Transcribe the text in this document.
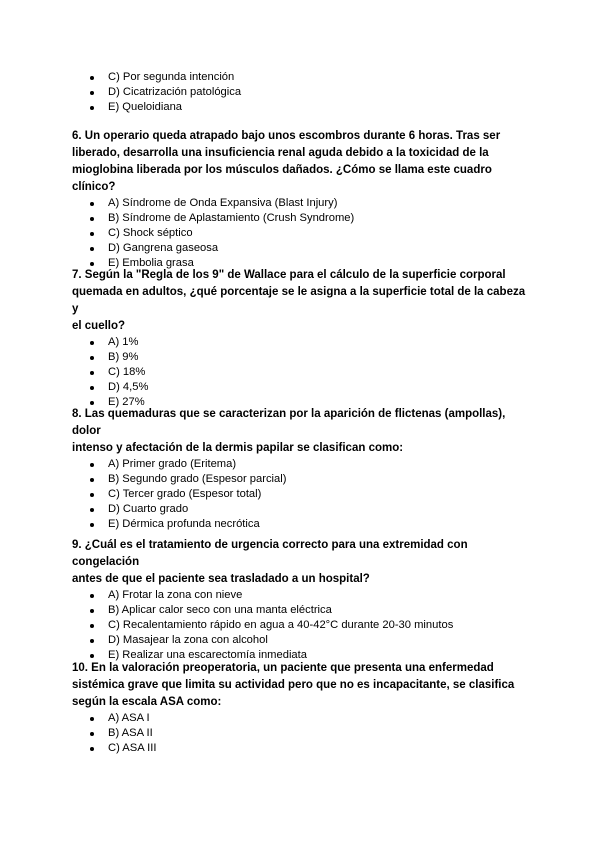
C) Por segunda intención
D) Cicatrización patológica
E) Queloidiana

6. Un operario queda atrapado bajo unos escombros durante 6 horas. Tras ser
liberado, desarrolla una insuficiencia renal aguda debido a la toxicidad de la
mioglobina liberada por los músculos dañados. ¿Cómo se llama este cuadro clínico?

A) Síndrome de Onda Expansiva (Blast Injury)
B) Síndrome de Aplastamiento (Crush Syndrome)
C) Shock séptico
D) Gangrena gaseosa
E) Embolia grasa

7. Según la "Regla de los 9" de Wallace para el cálculo de la superficie corporal
quemada en adultos, ¿qué porcentaje se le asigna a la superficie total de la cabeza y
el cuello?

A) 1%
B) 9%
C) 18%
D) 4,5%
E) 27%

8. Las quemaduras que se caracterizan por la aparición de flictenas (ampollas), dolor
intenso y afectación de la dermis papilar se clasifican como:

A) Primer grado (Eritema)
B) Segundo grado (Espesor parcial)
C) Tercer grado (Espesor total)
D) Cuarto grado
E) Dérmica profunda necrótica

9. ¿Cuál es el tratamiento de urgencia correcto para una extremidad con congelación
antes de que el paciente sea trasladado a un hospital?

A) Frotar la zona con nieve
B) Aplicar calor seco con una manta eléctrica
C) Recalentamiento rápido en agua a 40-42°C durante 20-30 minutos
D) Masajear la zona con alcohol
E) Realizar una escarectomía inmediata

10. En la valoración preoperatoria, un paciente que presenta una enfermedad
sistémica grave que limita su actividad pero que no es incapacitante, se clasifica
según la escala ASA como:

A) ASA I
B) ASA II
C) ASA III
